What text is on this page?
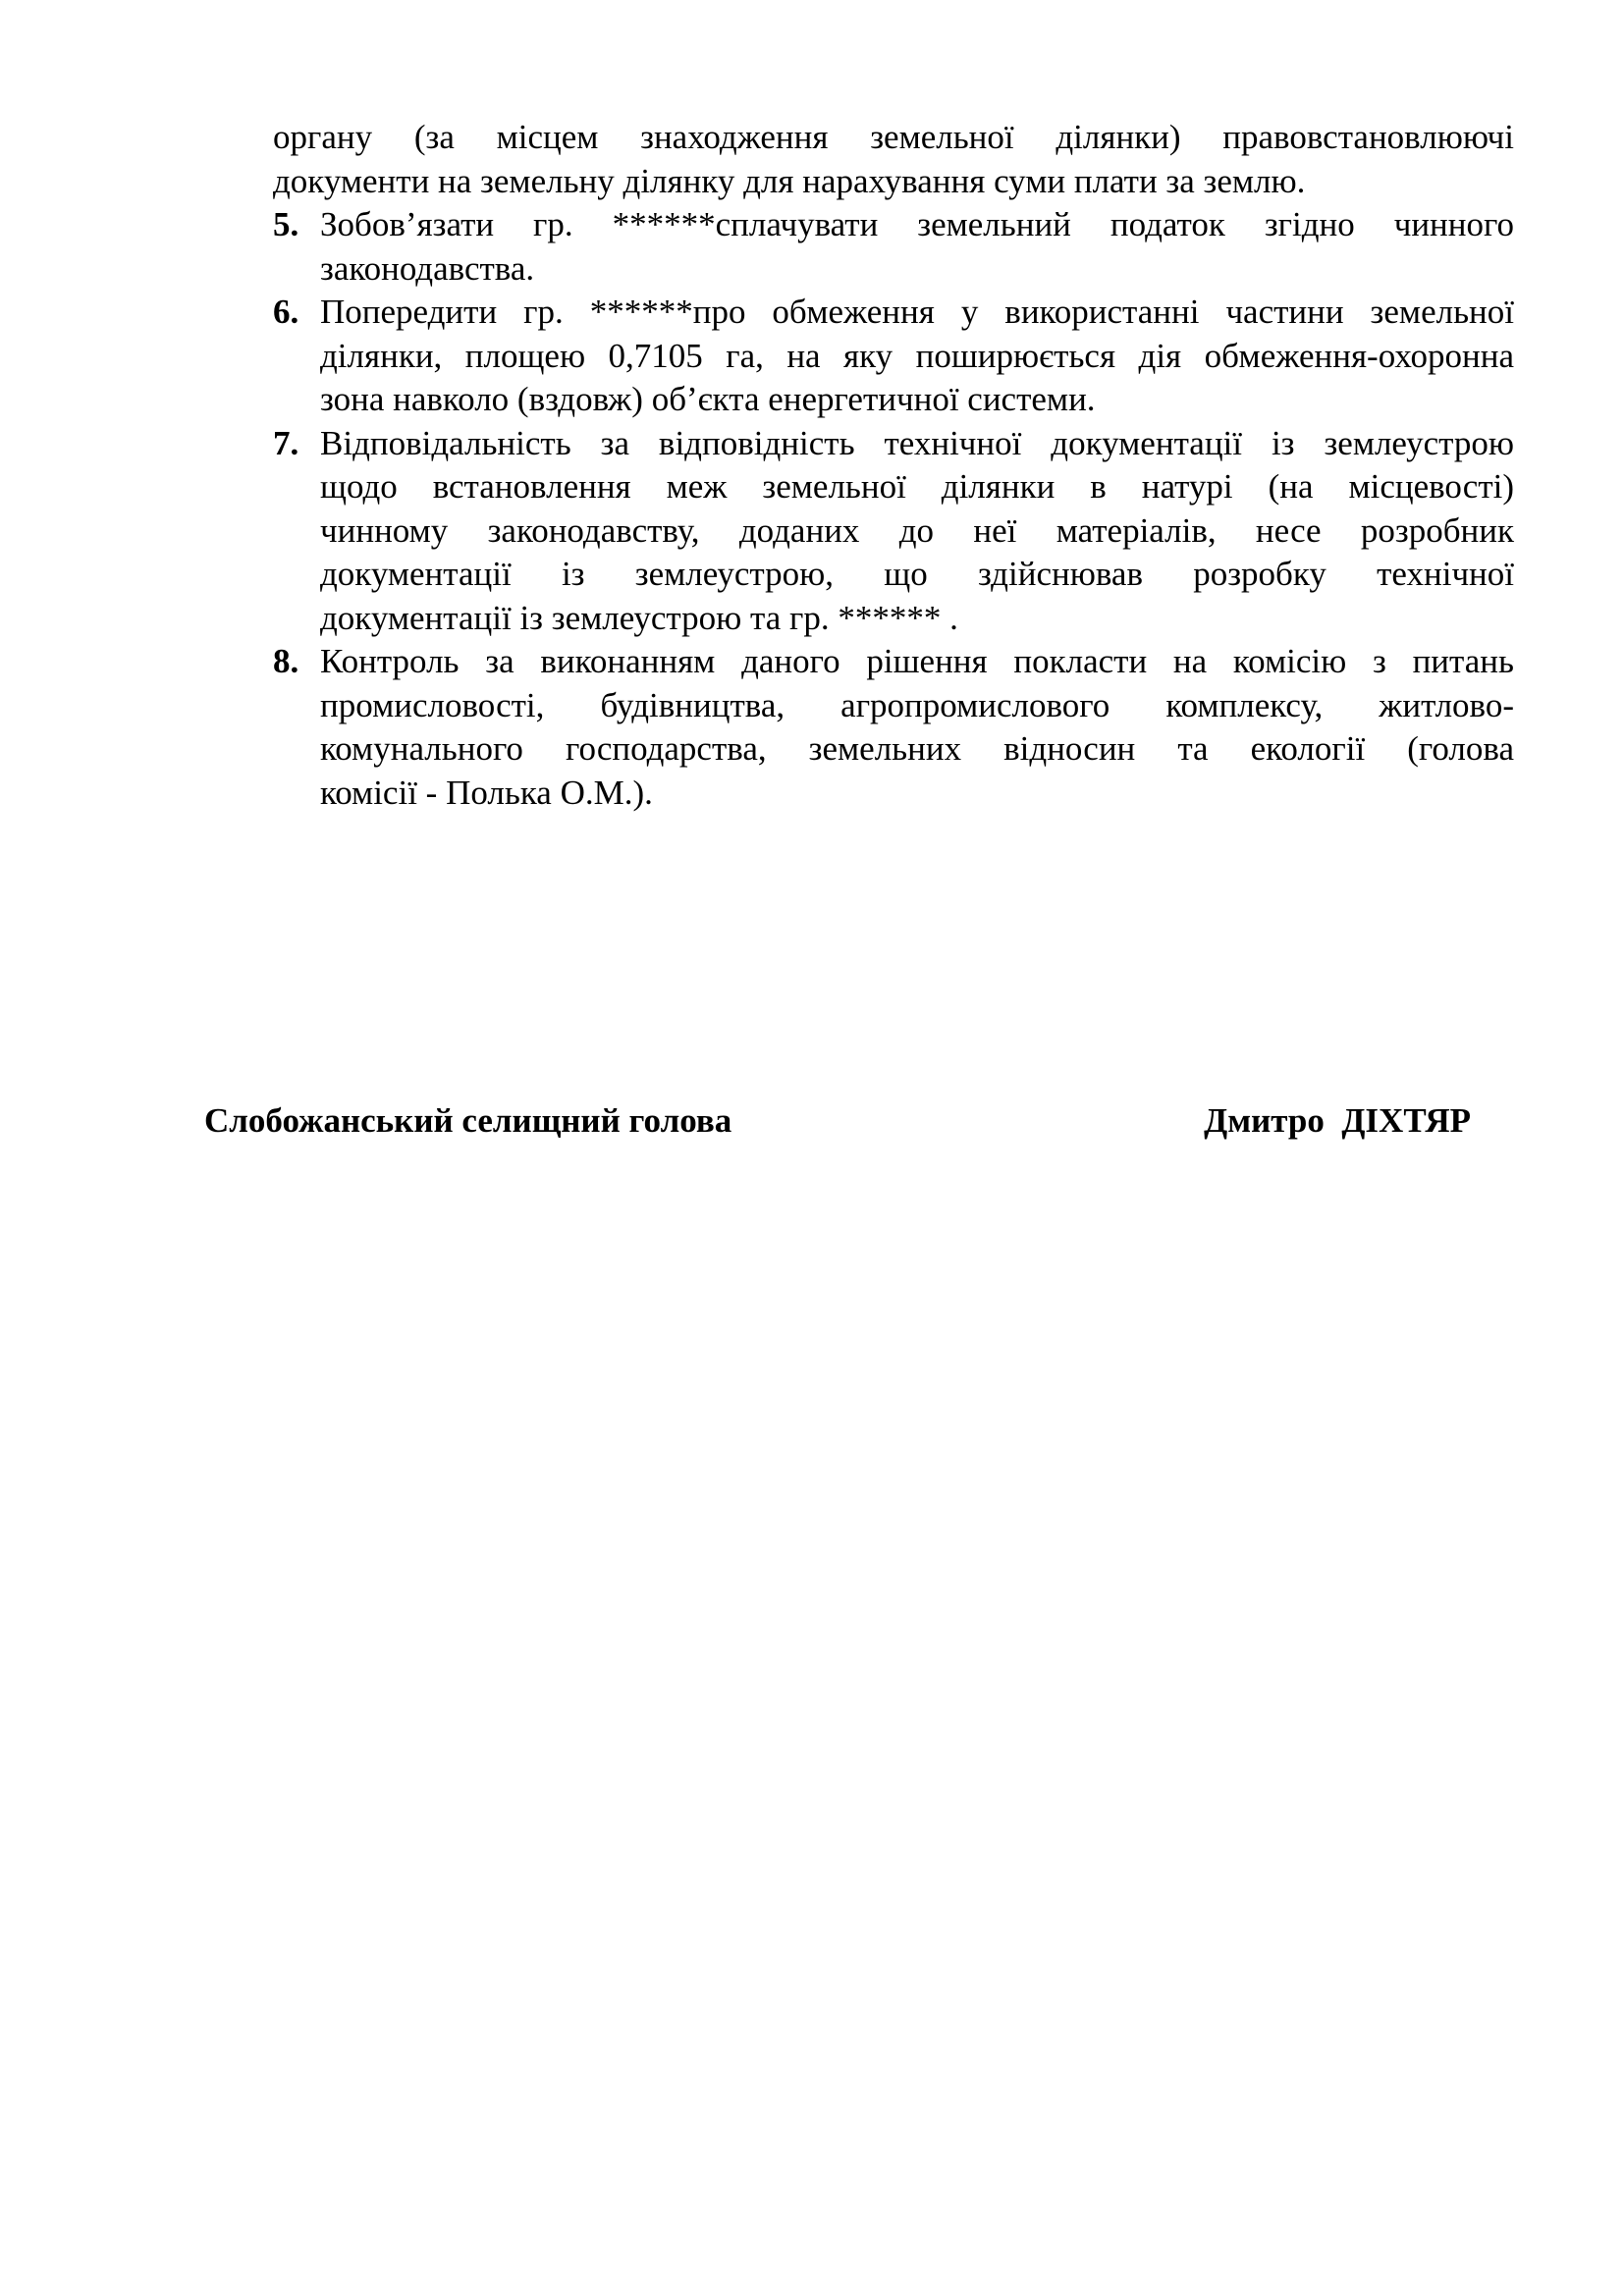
органу (за місцем знаходження земельної ділянки) правовстановлюючі
документи на земельну ділянку для нарахування суми плати за землю.
5. Зобов’язати гр. ******сплачувати земельний податок згідно чинного
законодавства.
6. Попередити гр. ******про обмеження у використанні частини земельної
ділянки, площею 0,7105 га, на яку поширюється дія обмеження-охоронна
зона навколо (вздовж) об’єкта енергетичної системи.
7. Відповідальність за відповідність технічної документації із землеустрою
щодо встановлення меж земельної ділянки в натурі (на місцевості)
чинному законодавству, доданих до неї матеріалів, несе розробник
документації із землеустрою, що здійснював розробку технічної
документації із землеустрою та гр. ****** .
8. Контроль за виконанням даного рішення покласти на комісію з питань
промисловості, будівництва, агропромислового комплексу, житлово-
комунального господарства, земельних відносин та екології (голова
комісії - Полька О.М.).
Слобожанський селищний голова	Дмитро  ДІХТЯР
